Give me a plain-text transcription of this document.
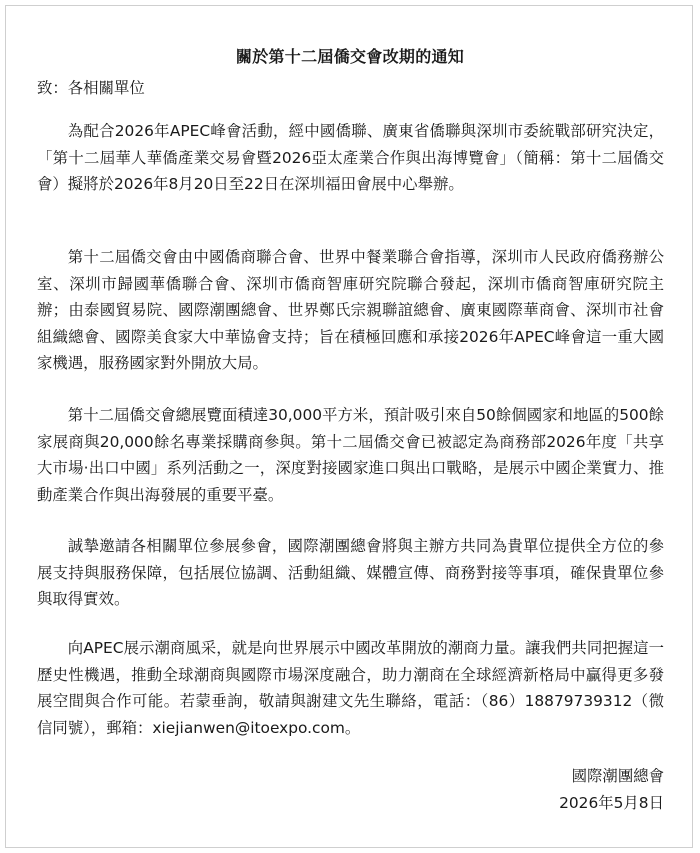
關於第十二屆僑交會改期的通知
致：各相關單位

為配合2026年APEC峰會活動，經中國僑聯、廣東省僑聯與深圳市委統戰部研究決定，「第十二屆華人華僑產業交易會暨2026亞太產業合作與出海博覽會」（簡稱：第十二屆僑交會）擬將於2026年8月20日至22日在深圳福田會展中心舉辦。

第十二屆僑交會由中國僑商聯合會、世界中餐業聯合會指導，深圳市人民政府僑務辦公室、深圳市歸國華僑聯合會、深圳市僑商智庫研究院聯合發起，深圳市僑商智庫研究院主辦；由泰國貿易院、國際潮團總會、世界鄭氏宗親聯誼總會、廣東國際華商會、深圳市社會組織總會、國際美食家大中華協會支持；旨在積極回應和承接2026年APEC峰會這一重大國家機遇，服務國家對外開放大局。

第十二屆僑交會總展覽面積達30,000平方米，預計吸引來自50餘個國家和地區的500餘家展商與20,000餘名專業採購商參與。第十二屆僑交會已被認定為商務部2026年度「共享大市場·出口中國」系列活動之一，深度對接國家進口與出口戰略，是展示中國企業實力、推動產業合作與出海發展的重要平臺。

誠摯邀請各相關單位參展參會，國際潮團總會將與主辦方共同為貴單位提供全方位的參展支持與服務保障，包括展位協調、活動組織、媒體宣傳、商務對接等事項，確保貴單位參與取得實效。

向APEC展示潮商風采，就是向世界展示中國改革開放的潮商力量。讓我們共同把握這一歷史性機遇，推動全球潮商與國際市場深度融合，助力潮商在全球經濟新格局中贏得更多發展空間與合作可能。若蒙垂詢，敬請與謝建文先生聯絡，電話：（86）18879739312（微信同號），郵箱：xiejianwen@itoexpo.com。

國際潮團總會
2026年5月8日
